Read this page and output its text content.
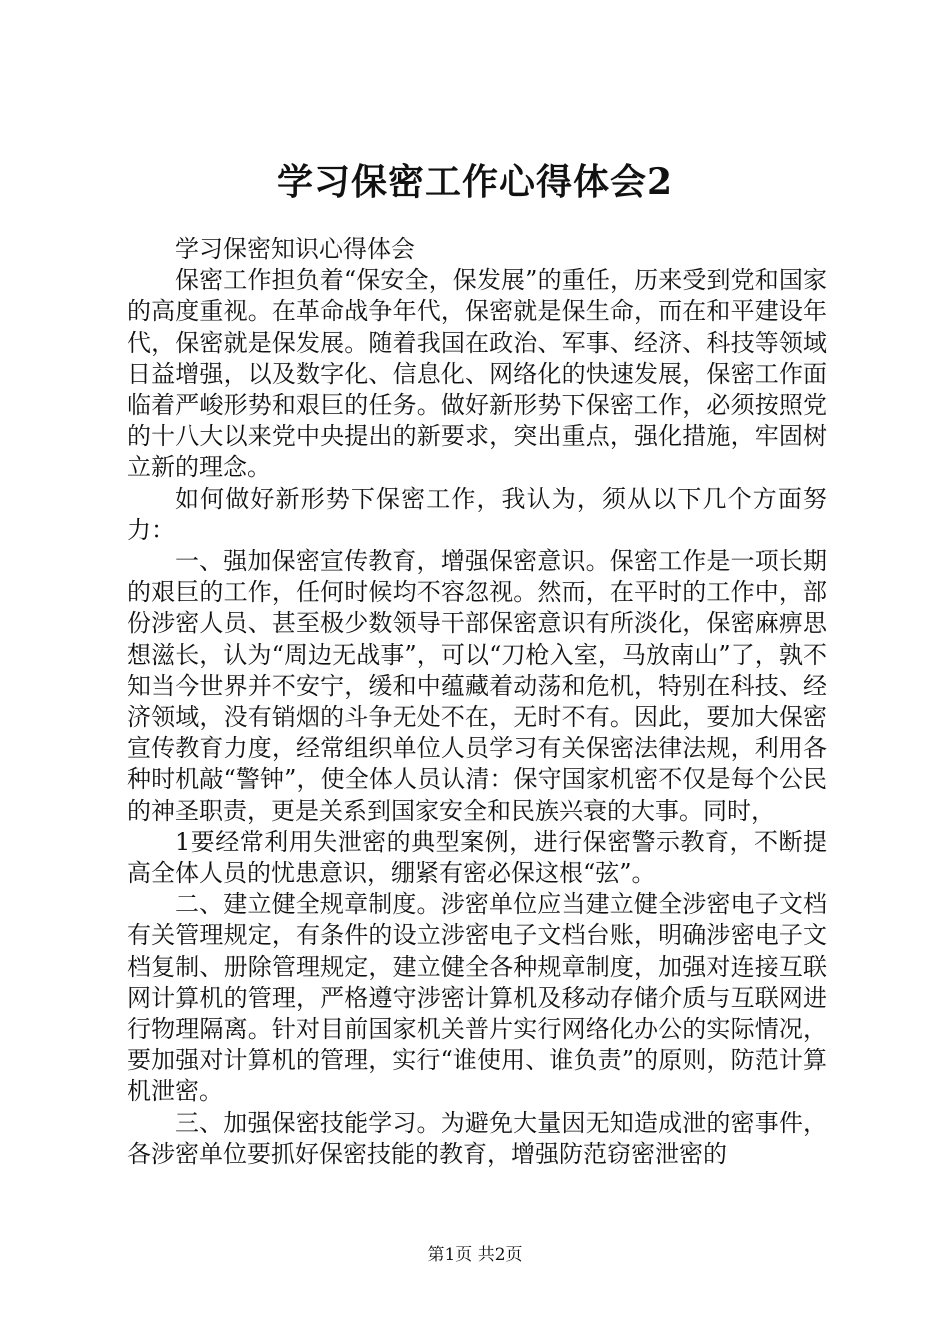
学习保密工作心得体会2

学习保密知识心得体会

保密工作担负着“保安全，保发展”的重任，历来受到党和国家的高度重视。在革命战争年代，保密就是保生命，而在和平建设年代，保密就是保发展。随着我国在政治、军事、经济、科技等领域日益增强，以及数字化、信息化、网络化的快速发展，保密工作面临着严峻形势和艰巨的任务。做好新形势下保密工作，必须按照党的十八大以来党中央提出的新要求，突出重点，强化措施，牢固树立新的理念。

如何做好新形势下保密工作，我认为，须从以下几个方面努力：

一、强加保密宣传教育，增强保密意识。保密工作是一项长期的艰巨的工作，任何时候均不容忽视。然而，在平时的工作中，部份涉密人员、甚至极少数领导干部保密意识有所淡化，保密麻痹思想滋长，认为“周边无战事”，可以“刀枪入室，马放南山”了，孰不知当今世界并不安宁，缓和中蕴藏着动荡和危机，特别在科技、经济领域，没有销烟的斗争无处不在，无时不有。因此，要加大保密宣传教育力度，经常组织单位人员学习有关保密法律法规，利用各种时机敲“警钟”，使全体人员认清：保守国家机密不仅是每个公民的神圣职责，更是关系到国家安全和民族兴衰的大事。同时，

1要经常利用失泄密的典型案例，进行保密警示教育，不断提高全体人员的忧患意识，绷紧有密必保这根“弦”。

二、建立健全规章制度。涉密单位应当建立健全涉密电子文档有关管理规定，有条件的设立涉密电子文档台账，明确涉密电子文档复制、册除管理规定，建立健全各种规章制度，加强对连接互联网计算机的管理，严格遵守涉密计算机及移动存储介质与互联网进行物理隔离。针对目前国家机关普片实行网络化办公的实际情况，要加强对计算机的管理，实行“谁使用、谁负责”的原则，防范计算机泄密。

三、加强保密技能学习。为避免大量因无知造成泄的密事件，各涉密单位要抓好保密技能的教育，增强防范窃密泄密的

第1页 共2页
